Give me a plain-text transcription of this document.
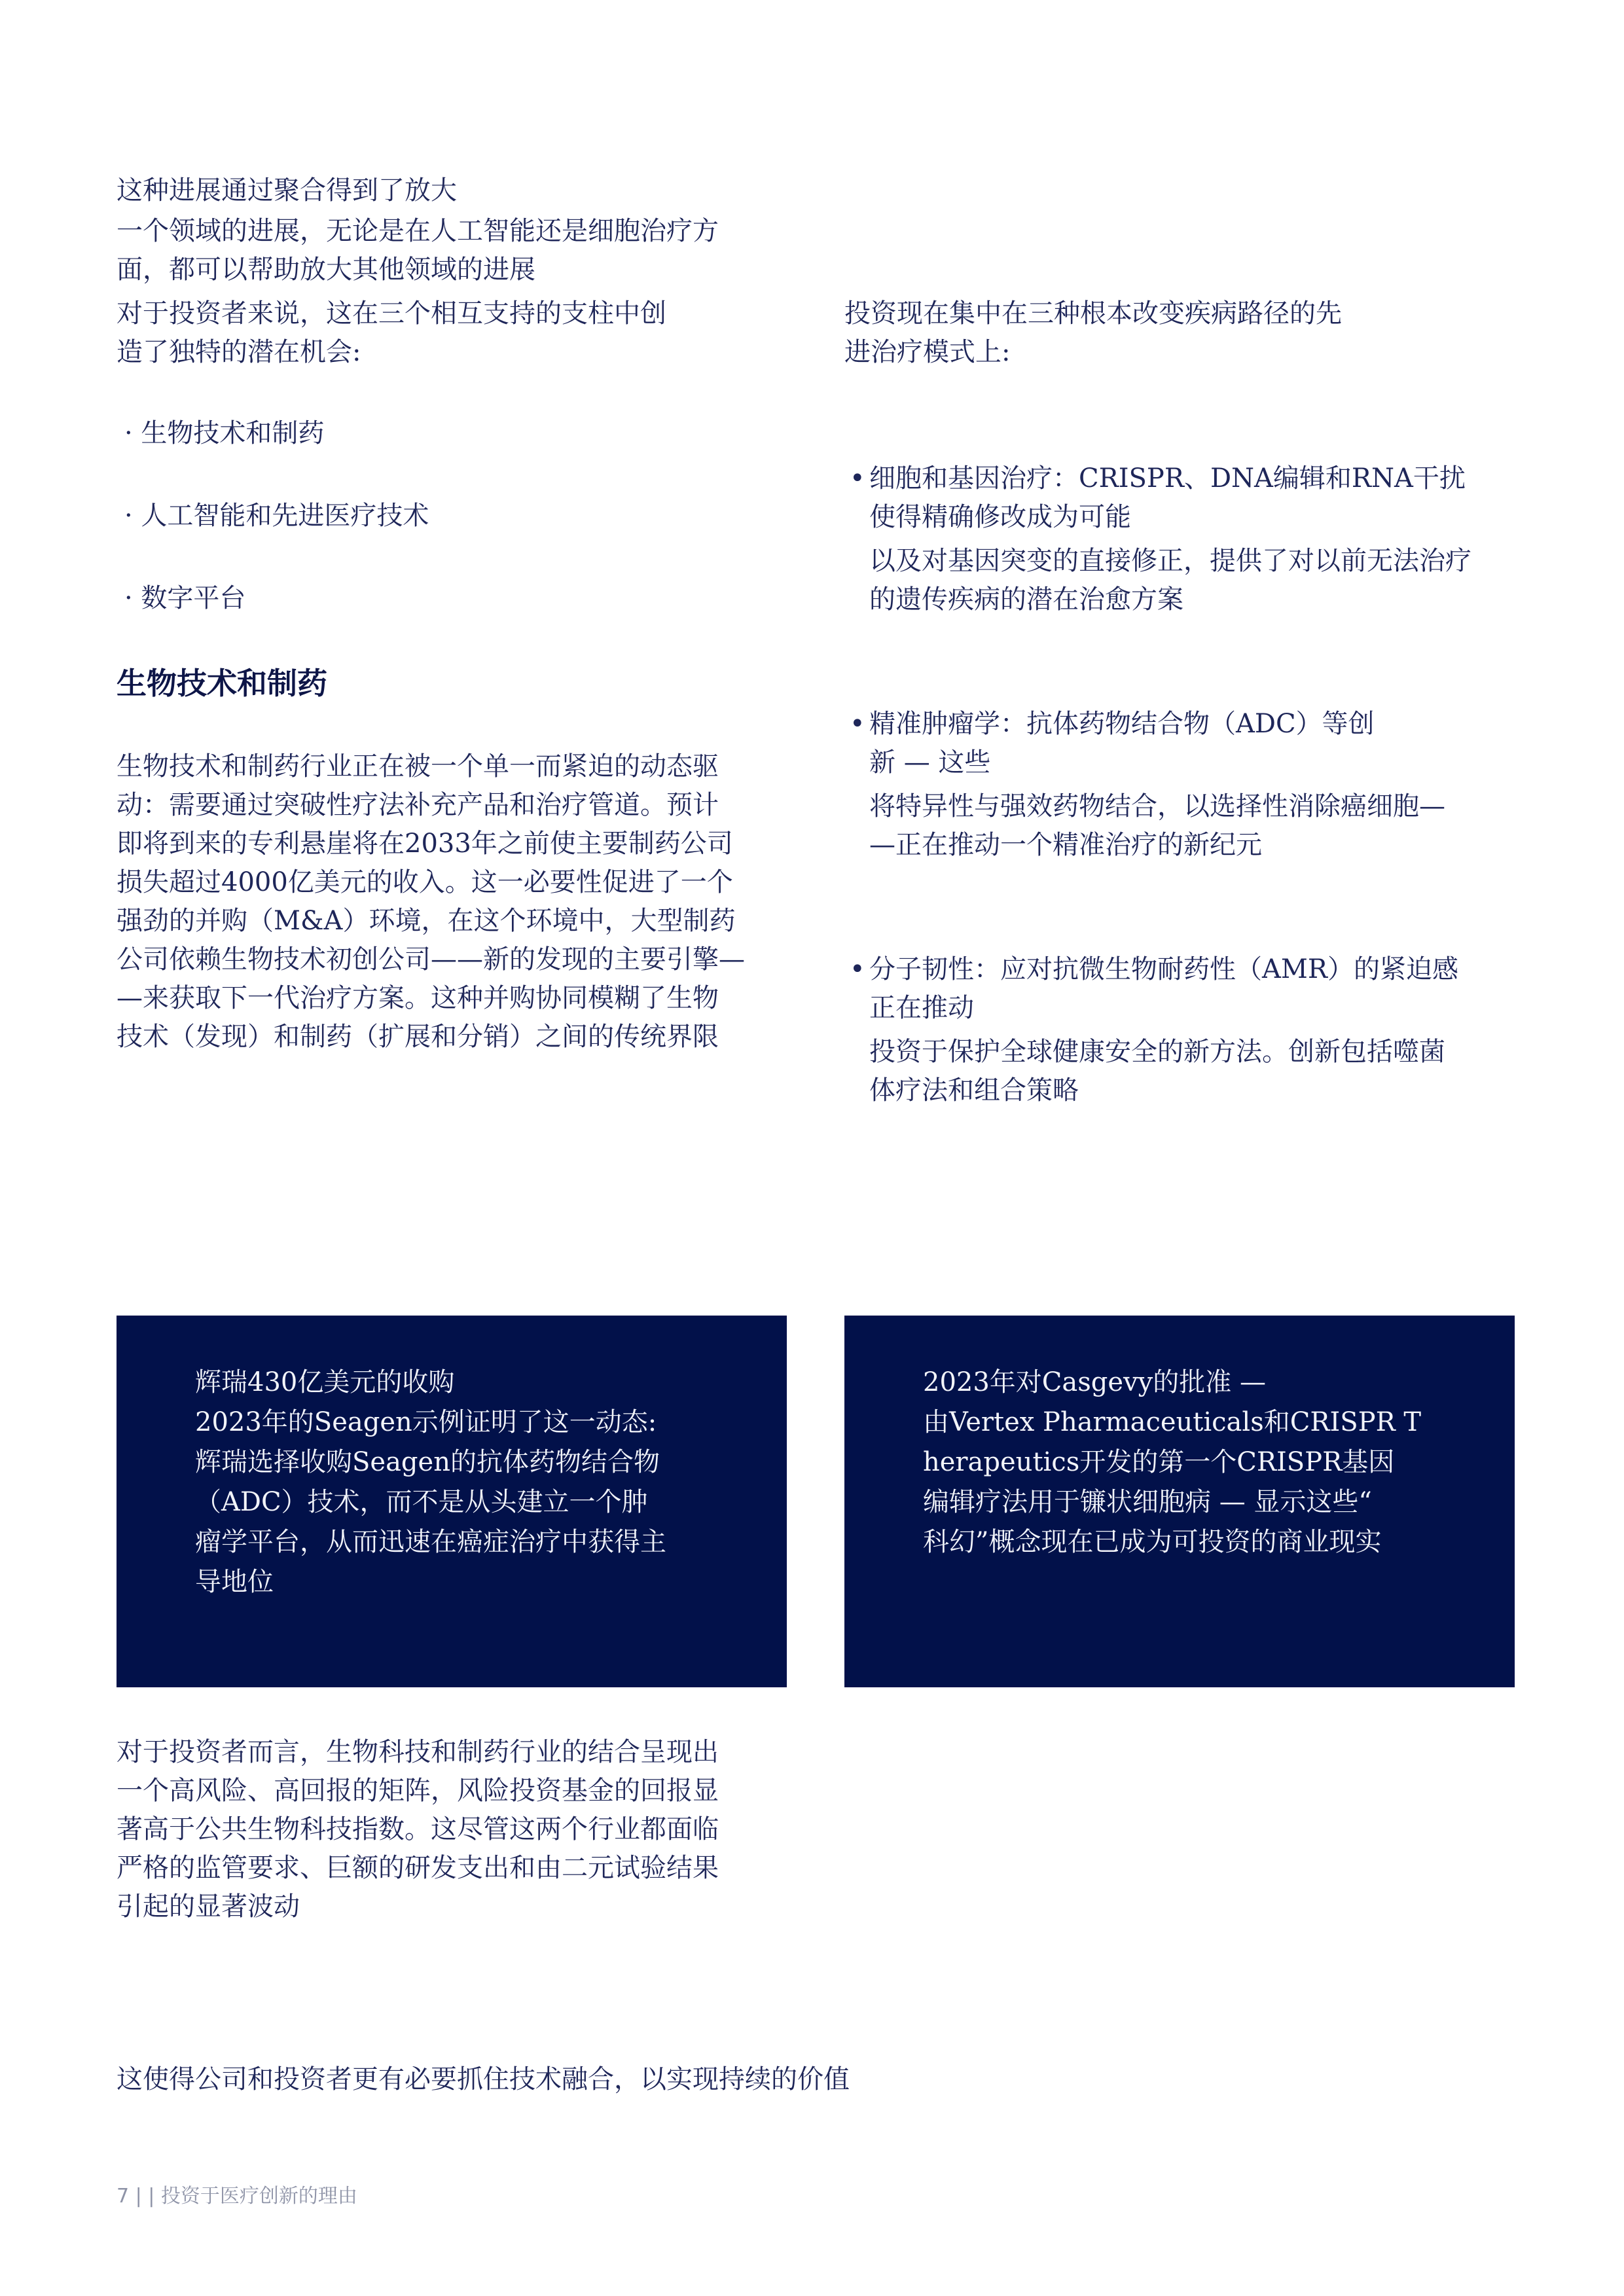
这种进展通过聚合得到了放大
一个领域的进展，无论是在人工智能还是细胞治疗方
面，都可以帮助放大其他领域的进展
对于投资者来说，这在三个相互支持的支柱中创
造了独特的潜在机会:
· 生物技术和制药
· 人工智能和先进医疗技术
· 数字平台
生物技术和制药
生物技术和制药行业正在被一个单一而紧迫的动态驱
动：需要通过突破性疗法补充产品和治疗管道。预计
即将到来的专利悬崖将在2033年之前使主要制药公司
损失超过4000亿美元的收入。这一必要性促进了一个
强劲的并购（M&A）环境，在这个环境中，大型制药
公司依赖生物技术初创公司——新的发现的主要引擎—
—来获取下一代治疗方案。这种并购协同模糊了生物
技术（发现）和制药（扩展和分销）之间的传统界限
投资现在集中在三种根本改变疾病路径的先
进治疗模式上:
• 细胞和基因治疗：CRISPR、DNA编辑和RNA干扰
使得精确修改成为可能
以及对基因突变的直接修正，提供了对以前无法治疗
的遗传疾病的潜在治愈方案
• 精准肿瘤学：抗体药物结合物（ADC）等创
新 — 这些
将特异性与强效药物结合，以选择性消除癌细胞—
—正在推动一个精准治疗的新纪元
• 分子韧性：应对抗微生物耐药性（AMR）的紧迫感
正在推动
投资于保护全球健康安全的新方法。创新包括噬菌
体疗法和组合策略
辉瑞430亿美元的收购
2023年的Seagen示例证明了这一动态:
辉瑞选择收购Seagen的抗体药物结合物
（ADC）技术，而不是从头建立一个肿
瘤学平台，从而迅速在癌症治疗中获得主
导地位
2023年对Casgevy的批准 —
由Vertex Pharmaceuticals和CRISPR T
herapeutics开发的第一个CRISPR基因
编辑疗法用于镰状细胞病 — 显示这些“
科幻”概念现在已成为可投资的商业现实
对于投资者而言，生物科技和制药行业的结合呈现出
一个高风险、高回报的矩阵，风险投资基金的回报显
著高于公共生物科技指数。这尽管这两个行业都面临
严格的监管要求、巨额的研发支出和由二元试验结果
引起的显著波动
这使得公司和投资者更有必要抓住技术融合，以实现持续的价值
7 | | 投资于医疗创新的理由
